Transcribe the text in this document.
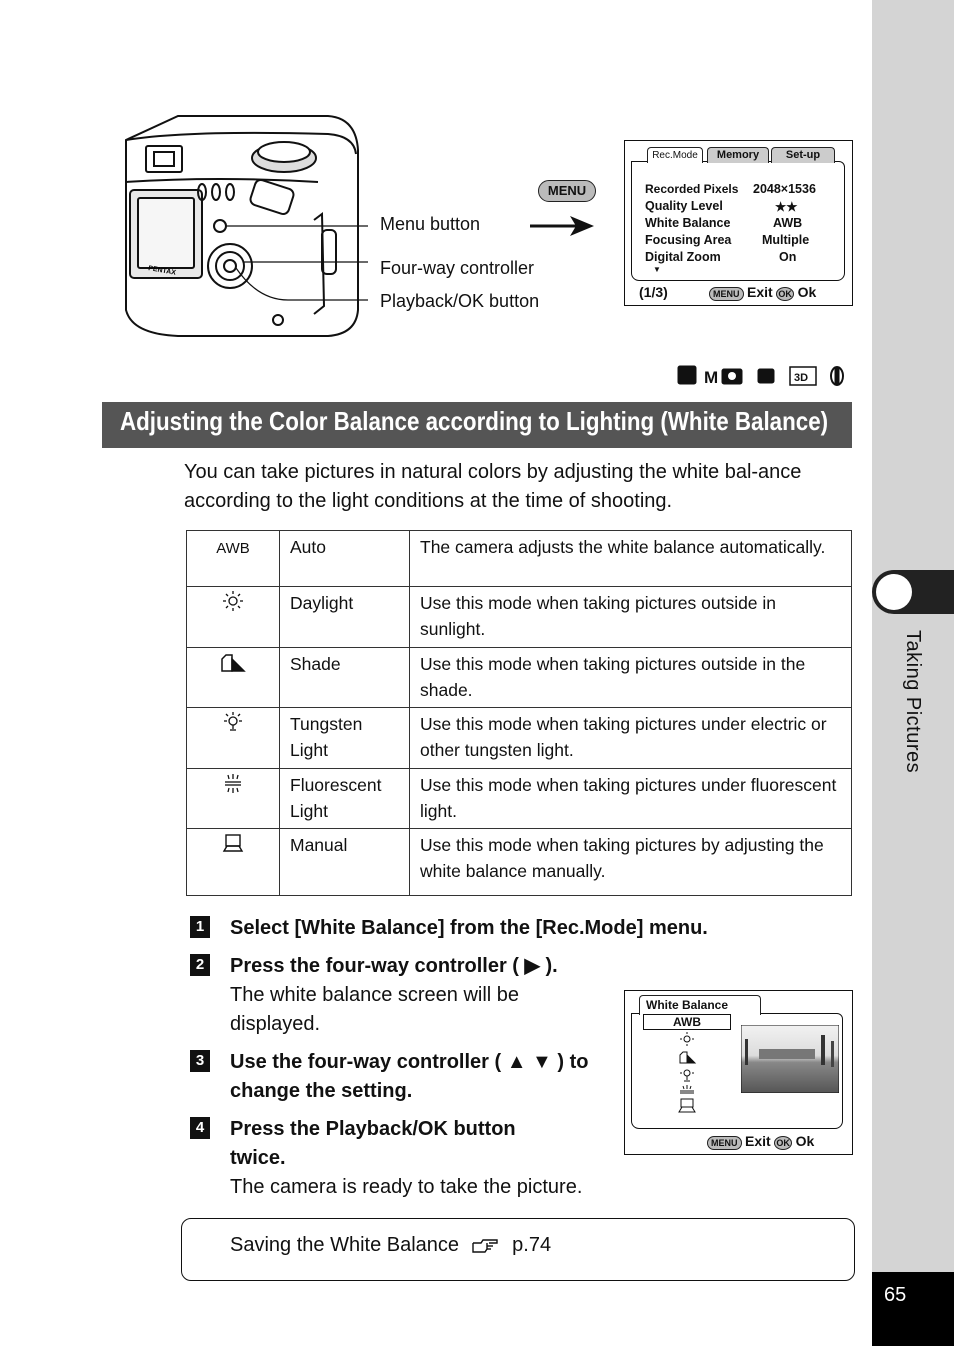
Taking Pictures
65
PENTAX
Menu button
Four-way controller
Playback/OK button
MENU
Rec.Mode	Memory	Set-up
Recorded Pixels 2048×1536
Quality Level	★★
White Balance	AWB
Focusing Area Multiple
Digital Zoom	On
▼
(1/3)	MENU Exit OK Ok
M	3D
Adjusting the Color Balance according to Lighting (White Balance)
You can take pictures in natural colors by adjusting the white bal-ance according to the light conditions at the time of shooting.
AWB	Auto	The camera adjusts the white balance automatically.
	Daylight	Use this mode when taking pictures outside in sunlight.
	Shade	Use this mode when taking pictures outside in the shade.
	Tungsten Light	Use this mode when taking pictures under electric or other tungsten light.
	Fluorescent Light	Use this mode when taking pictures under fluorescent light.
	Manual	Use this mode when taking pictures by adjusting the white balance manually.
1 Select [White Balance] from the [Rec.Mode] menu.
2 Press the four-way controller ( ▶ ).
The white balance screen will be displayed.
3 Use the four-way controller ( ▲ ▼ ) to change the setting.
4 Press the Playback/OK button twice.
The camera is ready to take the picture.
White Balance
AWB
MENU Exit OK Ok
Saving the White Balance	p.74
